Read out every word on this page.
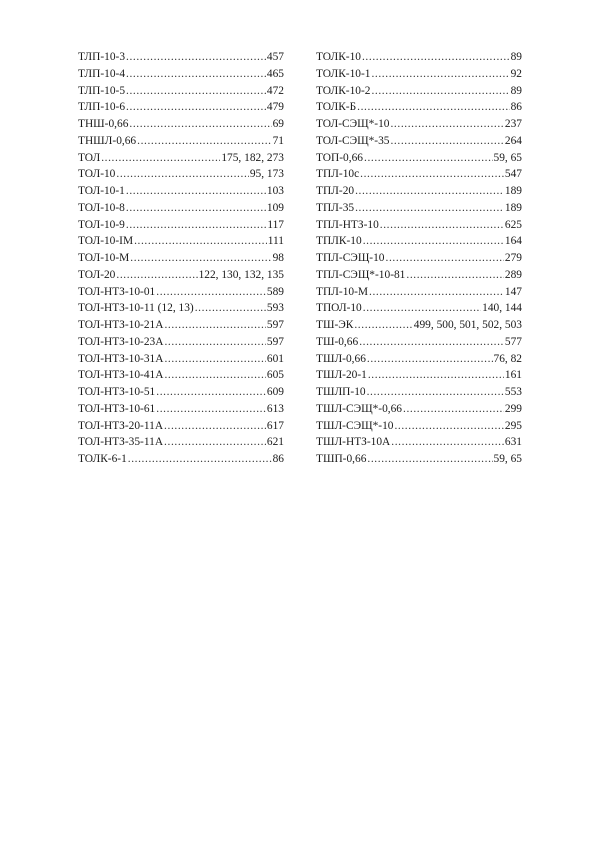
ТЛП-10-3 .....	457
ТЛП-10-4 .....	465
ТЛП-10-5 .....	472
ТЛП-10-6 .....	479
ТНШ-0,66 .....	69
ТНШЛ-0,66 .....	71
ТОЛ .....	175, 182, 273
ТОЛ-10 .....	95, 173
ТОЛ-10-1 .....	103
ТОЛ-10-8 .....	109
ТОЛ-10-9 .....	117
ТОЛ-10-IM .....	111
ТОЛ-10-М .....	98
ТОЛ-20 .....	122, 130, 132, 135
ТОЛ-НТЗ-10-01 .....	589
ТОЛ-НТЗ-10-11 (12, 13) .....	593
ТОЛ-НТЗ-10-21А .....	597
ТОЛ-НТЗ-10-23А .....	597
ТОЛ-НТЗ-10-31А .....	601
ТОЛ-НТЗ-10-41А .....	605
ТОЛ-НТЗ-10-51 .....	609
ТОЛ-НТЗ-10-61 .....	613
ТОЛ-НТЗ-20-11А .....	617
ТОЛ-НТЗ-35-11А .....	621
ТОЛК-6-1 .....	86
ТОЛК-10 .....	89
ТОЛК-10-1 .....	92
ТОЛК-10-2 .....	89
ТОЛК-Б .....	86
ТОЛ-СЭЩ*-10 .....	237
ТОЛ-СЭЩ*-35 .....	264
ТОП-0,66 .....	59, 65
ТПЛ-10с .....	547
ТПЛ-20 .....	189
ТПЛ-35 .....	189
ТПЛ-НТЗ-10 .....	625
ТПЛК-10 .....	164
ТПЛ-СЭЩ-10 .....	279
ТПЛ-СЭЩ*-10-81 .....	289
ТПЛ-10-М .....	147
ТПОЛ-10 .....	140, 144
ТШ-ЭК .....	499, 500, 501, 502, 503
ТШ-0,66 .....	577
ТШЛ-0,66 .....	76, 82
ТШЛ-20-1 .....	161
ТШЛП-10 .....	553
ТШЛ-СЭЩ*-0,66 .....	299
ТШЛ-СЭЩ*-10 .....	295
ТШЛ-НТЗ-10А .....	631
ТШП-0,66 .....	59, 65
